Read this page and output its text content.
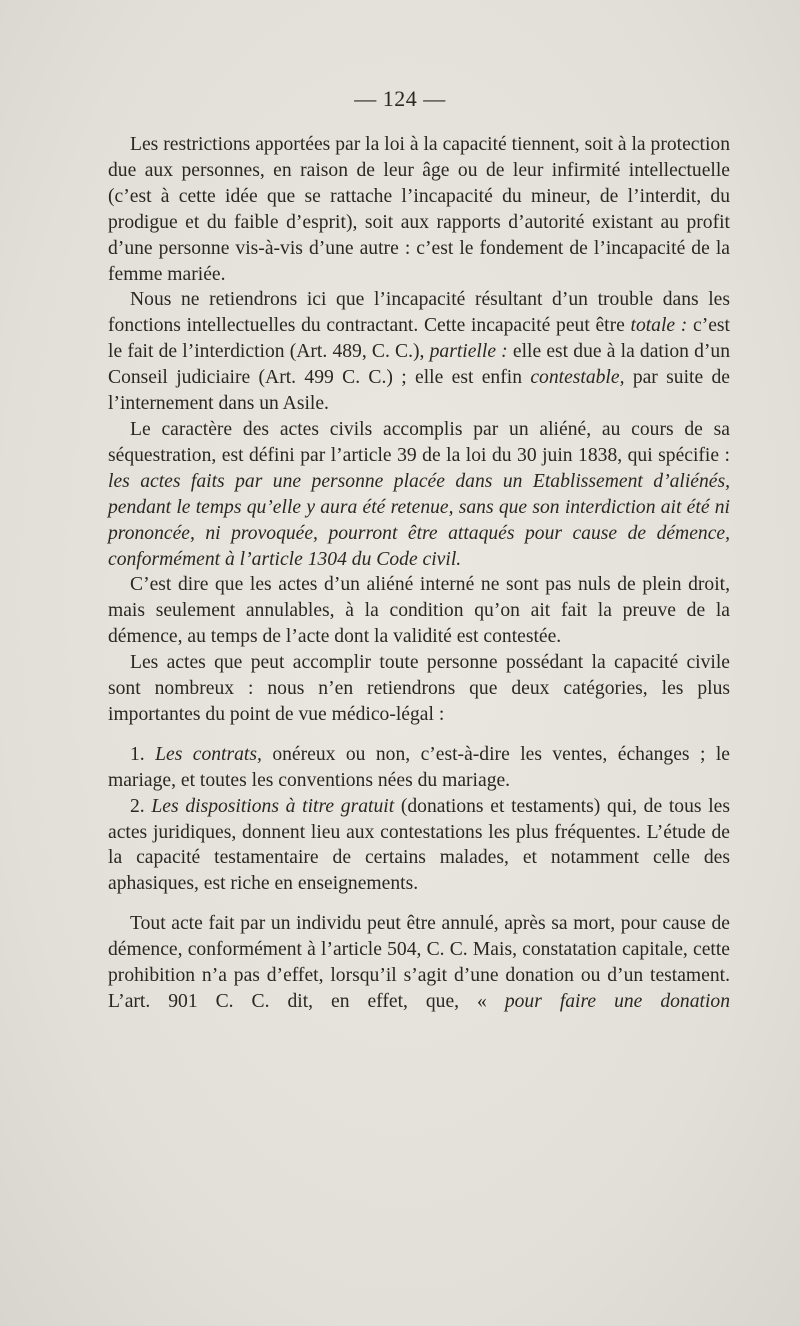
— 124 —

Les restrictions apportées par la loi à la capacité tiennent, soit à la protection due aux personnes, en raison de leur âge ou de leur infirmité intellectuelle (c’est à cette idée que se rattache l’incapacité du mineur, de l’interdit, du prodigue et du faible d’esprit), soit aux rapports d’autorité existant au profit d’une personne vis-à-vis d’une autre : c’est le fondement de l’incapacité de la femme mariée.

Nous ne retiendrons ici que l’incapacité résultant d’un trouble dans les fonctions intellectuelles du contractant. Cette incapacité peut être totale : c’est le fait de l’interdiction (Art. 489, C. C.), partielle : elle est due à la dation d’un Conseil judiciaire (Art. 499 C. C.) ; elle est enfin contestable, par suite de l’internement dans un Asile.

Le caractère des actes civils accomplis par un aliéné, au cours de sa séquestration, est défini par l’article 39 de la loi du 30 juin 1838, qui spécifie : les actes faits par une personne placée dans un Etablissement d’aliénés, pendant le temps qu’elle y aura été retenue, sans que son interdiction ait été ni prononcée, ni provoquée, pourront être attaqués pour cause de démence, conformément à l’article 1304 du Code civil.

C’est dire que les actes d’un aliéné interné ne sont pas nuls de plein droit, mais seulement annulables, à la condition qu’on ait fait la preuve de la démence, au temps de l’acte dont la validité est contestée.

Les actes que peut accomplir toute personne possédant la capacité civile sont nombreux : nous n’en retiendrons que deux catégories, les plus importantes du point de vue médico-légal :

1. Les contrats, onéreux ou non, c’est-à-dire les ventes, échanges ; le mariage, et toutes les conventions nées du mariage.

2. Les dispositions à titre gratuit (donations et testaments) qui, de tous les actes juridiques, donnent lieu aux contestations les plus fréquentes. L’étude de la capacité testamentaire de certains malades, et notamment celle des aphasiques, est riche en enseignements.

Tout acte fait par un individu peut être annulé, après sa mort, pour cause de démence, conformément à l’article 504, C. C. Mais, constatation capitale, cette prohibition n’a pas d’effet, lorsqu’il s’agit d’une donation ou d’un testament. L’art. 901 C. C. dit, en effet, que, « pour faire une donation
